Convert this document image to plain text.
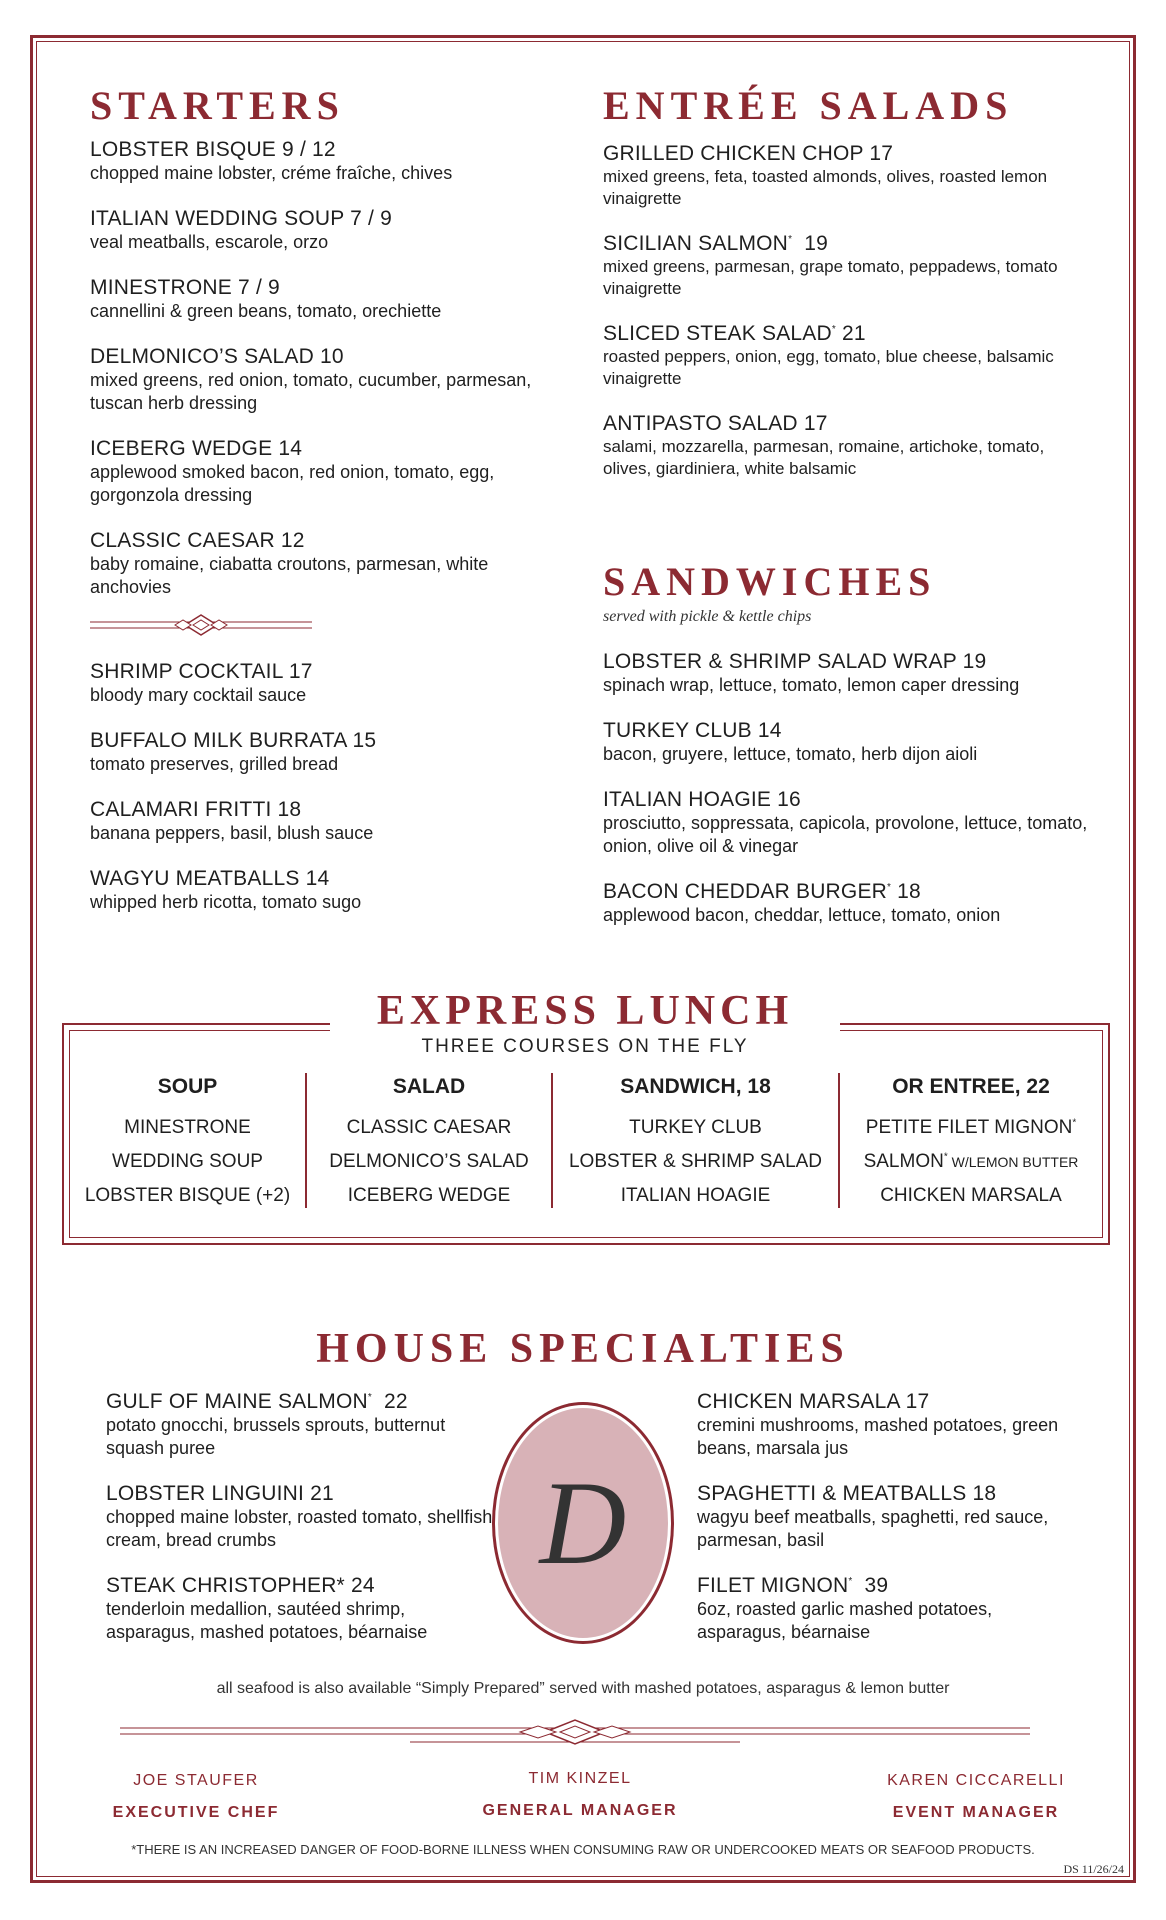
STARTERS
LOBSTER BISQUE 9 / 12
chopped maine lobster, créme fraîche, chives
ITALIAN WEDDING SOUP 7 / 9
veal meatballs, escarole, orzo
MINESTRONE 7 / 9
cannellini & green beans, tomato, orechiette
DELMONICO’S SALAD 10
mixed greens, red onion, tomato, cucumber, parmesan, tuscan herb dressing
ICEBERG WEDGE 14
applewood smoked bacon, red onion, tomato, egg, gorgonzola dressing
CLASSIC CAESAR 12
baby romaine, ciabatta croutons, parmesan, white anchovies
SHRIMP COCKTAIL 17
bloody mary cocktail sauce
BUFFALO MILK BURRATA 15
tomato preserves, grilled bread
CALAMARI FRITTI 18
banana peppers, basil, blush sauce
WAGYU MEATBALLS 14
whipped herb ricotta, tomato sugo
ENTRÉE SALADS
GRILLED CHICKEN CHOP 17
mixed greens, feta, toasted almonds, olives, roasted lemon vinaigrette
SICILIAN SALMON*  19
mixed greens, parmesan, grape tomato, peppadews, tomato vinaigrette
SLICED STEAK SALAD* 21
roasted peppers, onion, egg, tomato, blue cheese, balsamic vinaigrette
ANTIPASTO SALAD 17
salami, mozzarella, parmesan, romaine, artichoke, tomato, olives, giardiniera, white balsamic
SANDWICHES
served with pickle & kettle chips
LOBSTER & SHRIMP SALAD WRAP 19
spinach wrap, lettuce, tomato, lemon caper dressing
TURKEY CLUB 14
bacon, gruyere, lettuce, tomato, herb dijon aioli
ITALIAN HOAGIE 16
prosciutto, soppressata, capicola, provolone, lettuce, tomato, onion, olive oil & vinegar
BACON CHEDDAR BURGER* 18
applewood bacon, cheddar, lettuce, tomato, onion
EXPRESS LUNCH
THREE COURSES ON THE FLY
SOUP
MINESTRONE
WEDDING SOUP
LOBSTER BISQUE (+2)
SALAD
CLASSIC CAESAR
DELMONICO’S SALAD
ICEBERG WEDGE
SANDWICH, 18
TURKEY CLUB
LOBSTER & SHRIMP SALAD
ITALIAN HOAGIE
OR ENTREE, 22
PETITE FILET MIGNON*
SALMON* W/LEMON BUTTER
CHICKEN MARSALA
HOUSE SPECIALTIES
GULF OF MAINE SALMON*  22
potato gnocchi, brussels sprouts, butternut squash puree
LOBSTER LINGUINI 21
chopped maine lobster, roasted tomato, shellfish cream, bread crumbs
STEAK CHRISTOPHER* 24
tenderloin medallion, sautéed shrimp, asparagus, mashed potatoes, béarnaise
D
CHICKEN MARSALA 17
cremini mushrooms, mashed potatoes, green beans, marsala jus
SPAGHETTI & MEATBALLS 18
wagyu beef meatballs, spaghetti, red sauce, parmesan, basil
FILET MIGNON*  39
6oz, roasted garlic mashed potatoes, asparagus, béarnaise
all seafood is also available “Simply Prepared” served with mashed potatoes, asparagus & lemon butter
JOE STAUFER
EXECUTIVE CHEF
TIM KINZEL
GENERAL MANAGER
KAREN CICCARELLI
EVENT MANAGER
*THERE IS AN INCREASED DANGER OF FOOD-BORNE ILLNESS WHEN CONSUMING RAW OR UNDERCOOKED MEATS OR SEAFOOD PRODUCTS.
DS 11/26/24
